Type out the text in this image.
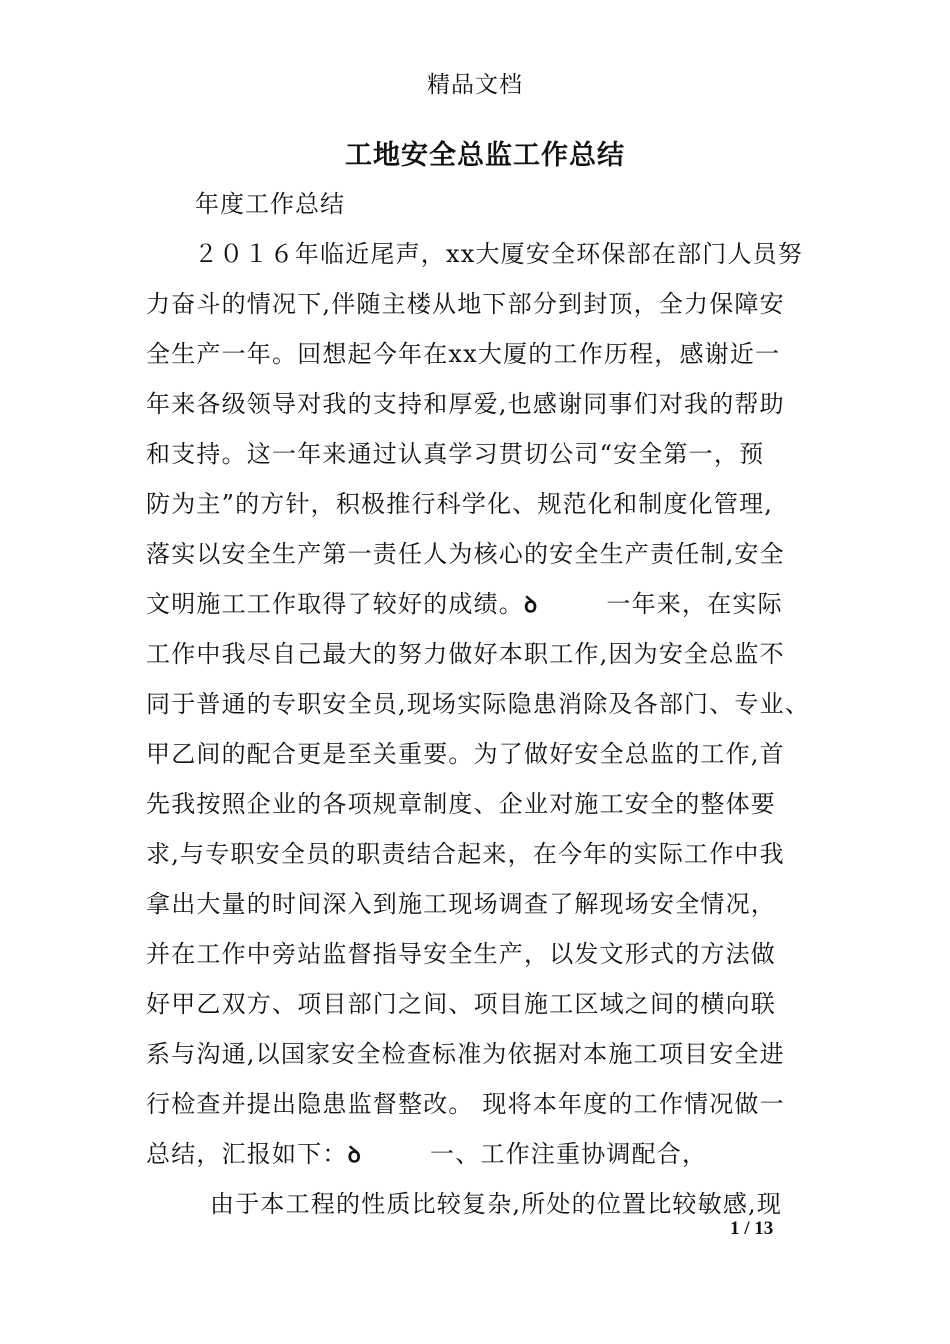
精品文档
工地安全总监工作总结
年度工作总结
２０１６年临近尾声，xx大厦安全环保部在部门人员努
力奋斗的情况下,伴随主楼从地下部分到封顶，全力保障安
全生产一年。回想起今年在xx大厦的工作历程，感谢近一
年来各级领导对我的支持和厚爱,也感谢同事们对我的帮助
和支持。这一年来通过认真学习贯切公司“安全第一，预
防为主”的方针，积极推行科学化、规范化和制度化管理,
落实以安全生产第一责任人为核心的安全生产责任制,安全
文明施工工作取得了较好的成绩。ꝺ	一年来，在实际
工作中我尽自己最大的努力做好本职工作,因为安全总监不
同于普通的专职安全员,现场实际隐患消除及各部门、专业、
甲乙间的配合更是至关重要。为了做好安全总监的工作,首
先我按照企业的各项规章制度、企业对施工安全的整体要
求,与专职安全员的职责结合起来，在今年的实际工作中我
拿出大量的时间深入到施工现场调查了解现场安全情况，
并在工作中旁站监督指导安全生产，以发文形式的方法做
好甲乙双方、项目部门之间、项目施工区域之间的横向联
系与沟通,以国家安全检查标准为依据对本施工项目安全进
行检查并提出隐患监督整改。 现将本年度的工作情况做一
总结，汇报如下：ꝺ	一、工作注重协调配合，
由于本工程的性质比较复杂,所处的位置比较敏感,现
1 / 13
